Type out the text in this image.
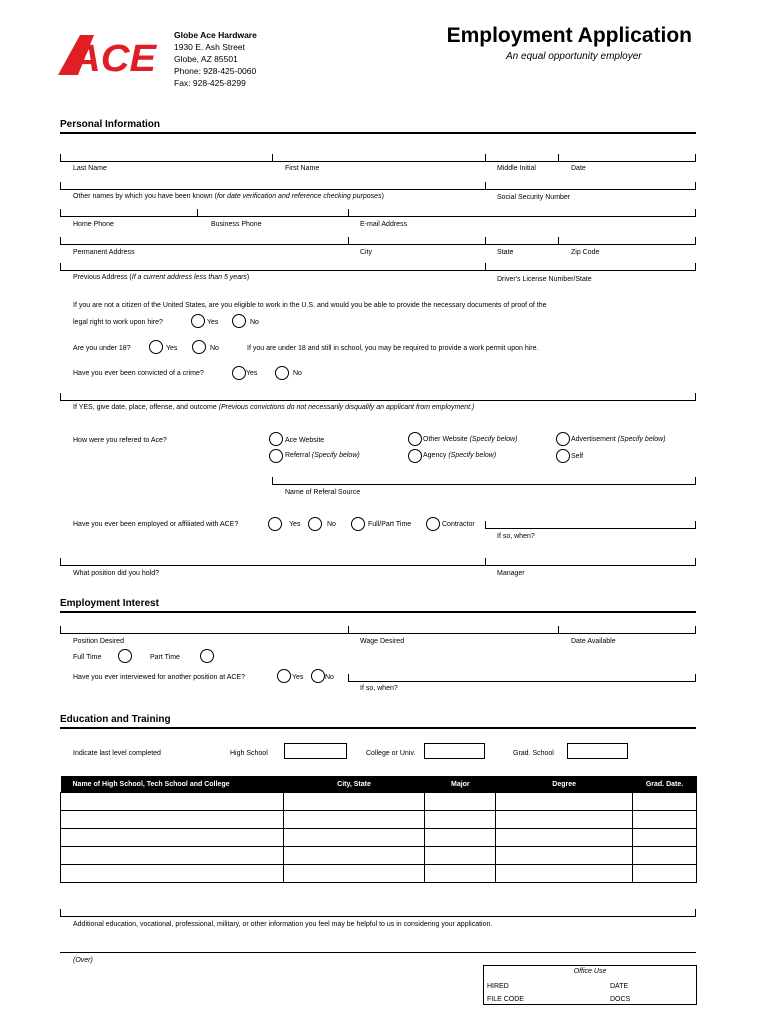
ACE
Globe Ace Hardware
1930 E. Ash Street
Globe, AZ 85501
Phone: 928-425-0060
Fax: 928-425-8299
Employment Application
An equal opportunity employer
Personal Information
Last Name	First Name	Middle Initial	Date
Other names by which you have been known (for date verification and reference checking purposes)	Social Security Number
Home Phone	Business Phone	E-mail Address
Permanent Address	City	State	Zip Code
Previous Address (If a current address less than 5 years)	Driver's License Number/State
If you are not a citizen of the United States, are you eligible to work in the U.S. and would you be able to provide the necessary documents of proof of the
legal right to work upon hire?	Yes	No
Are you under 18?	Yes	No	If you are under 18 and still in school, you may be required to provide a work permit upon hire.
Have you ever been convicted of a crime?	Yes	No
If YES, give date, place, offense, and outcome (Previous convictions do not necessarily disqualify an applicant from employment.)
How were you refered to Ace?	Ace Website	Other Website (Specify below)	Advertisement (Specify below)
Referral (Specify below)	Agency (Specify below)	Self
Name of Referal Source
Have you ever been employed or affiliated with ACE?	Yes	No	Full/Part Time	Contractor
If so, when?
What position did you hold?	Manager
Employment Interest
Position Desired	Wage Desired	Date Available
Full Time	Part Time
Have you ever interviewed for another position at ACE?	Yes	No
If so, when?
Education and Training
Indicate last level completed	High School	College or Univ.	Grad. School
Name of High School, Tech School and College	City, State	Major	Degree	Grad. Date.

Additional education, vocational, professional, military, or other information you feel may be helpful to us in considering your application.
(Over)
Office Use
HIRED	DATE
FILE CODE	DOCS
